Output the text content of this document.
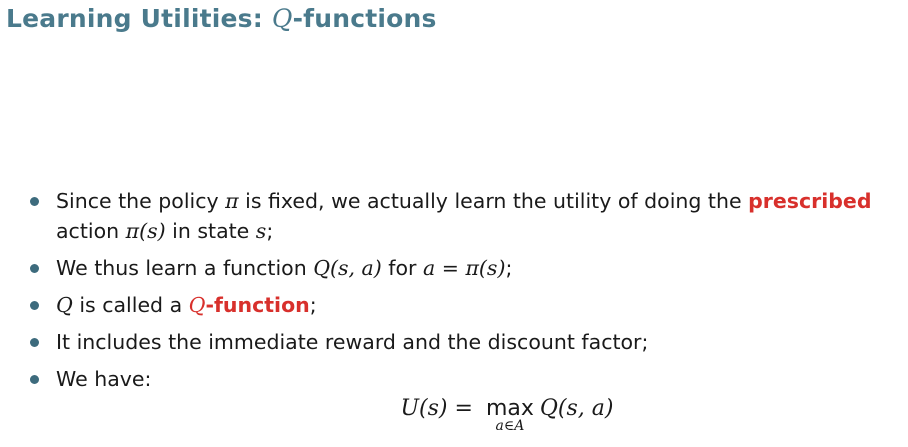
Learning Utilities: Q-functions
Since the policy π is fixed, we actually learn the utility of doing the prescribed
action π(s) in state s;
We thus learn a function Q(s, a) for a = π(s);
Q is called a Q-function;
It includes the immediate reward and the discount factor;
We have:
U(s) = max
a∈A
Q(s, a)
